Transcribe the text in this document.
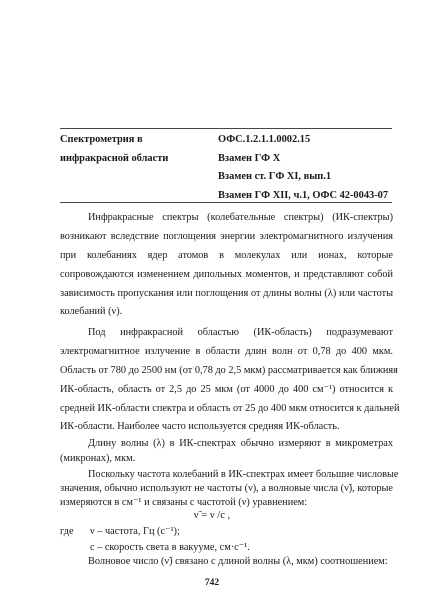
Спектрометрия в
инфракрасной области
ОФС.1.2.1.1.0002.15
Взамен ГФ X
Взамен ст. ГФ XI, вып.1
Взамен ГФ XII, ч.1, ОФС 42-0043-07
Инфракрасные спектры (колебательные спектры) (ИК-спектры)
возникают вследствие поглощения энергии электромагнитного излучения
при колебаниях ядер атомов в молекулах или ионах, которые
сопровождаются изменением дипольных моментов, и представляют собой
зависимость пропускания или поглощения от длины волны (λ) или частоты
колебаний (ν).
Под инфракрасной областью (ИК-область) подразумевают
электромагнитное излучение в области длин волн от 0,78 до 400 мкм.
Область от 780 до 2500 нм (от 0,78 до 2,5 мкм) рассматривается как ближняя
ИК-область, область от 2,5 до 25 мкм (от 4000 до 400 см⁻¹) относится к
средней ИК-области спектра и область от 25 до 400 мкм относится к дальней
ИК-области. Наиболее часто используется средняя ИК-область.
Поскольку частота колебаний в ИК-спектрах имеет большие числовые
значения, обычно используют не частоты (ν), а волновые числа (ν̃), которые
измеряются в см⁻¹ и связаны с частотой (ν) уравнением:
ν̃ = ν /c ,
где ν – частота, Гц (с⁻¹);
c – скорость света в вакууме, см·с⁻¹.
Волновое число (ν̃) связано с длиной волны (λ, мкм) соотношением:
742
Длину волны (λ) в ИК-спектрах обычно измеряют в микрометрах
(микронах), мкм.
